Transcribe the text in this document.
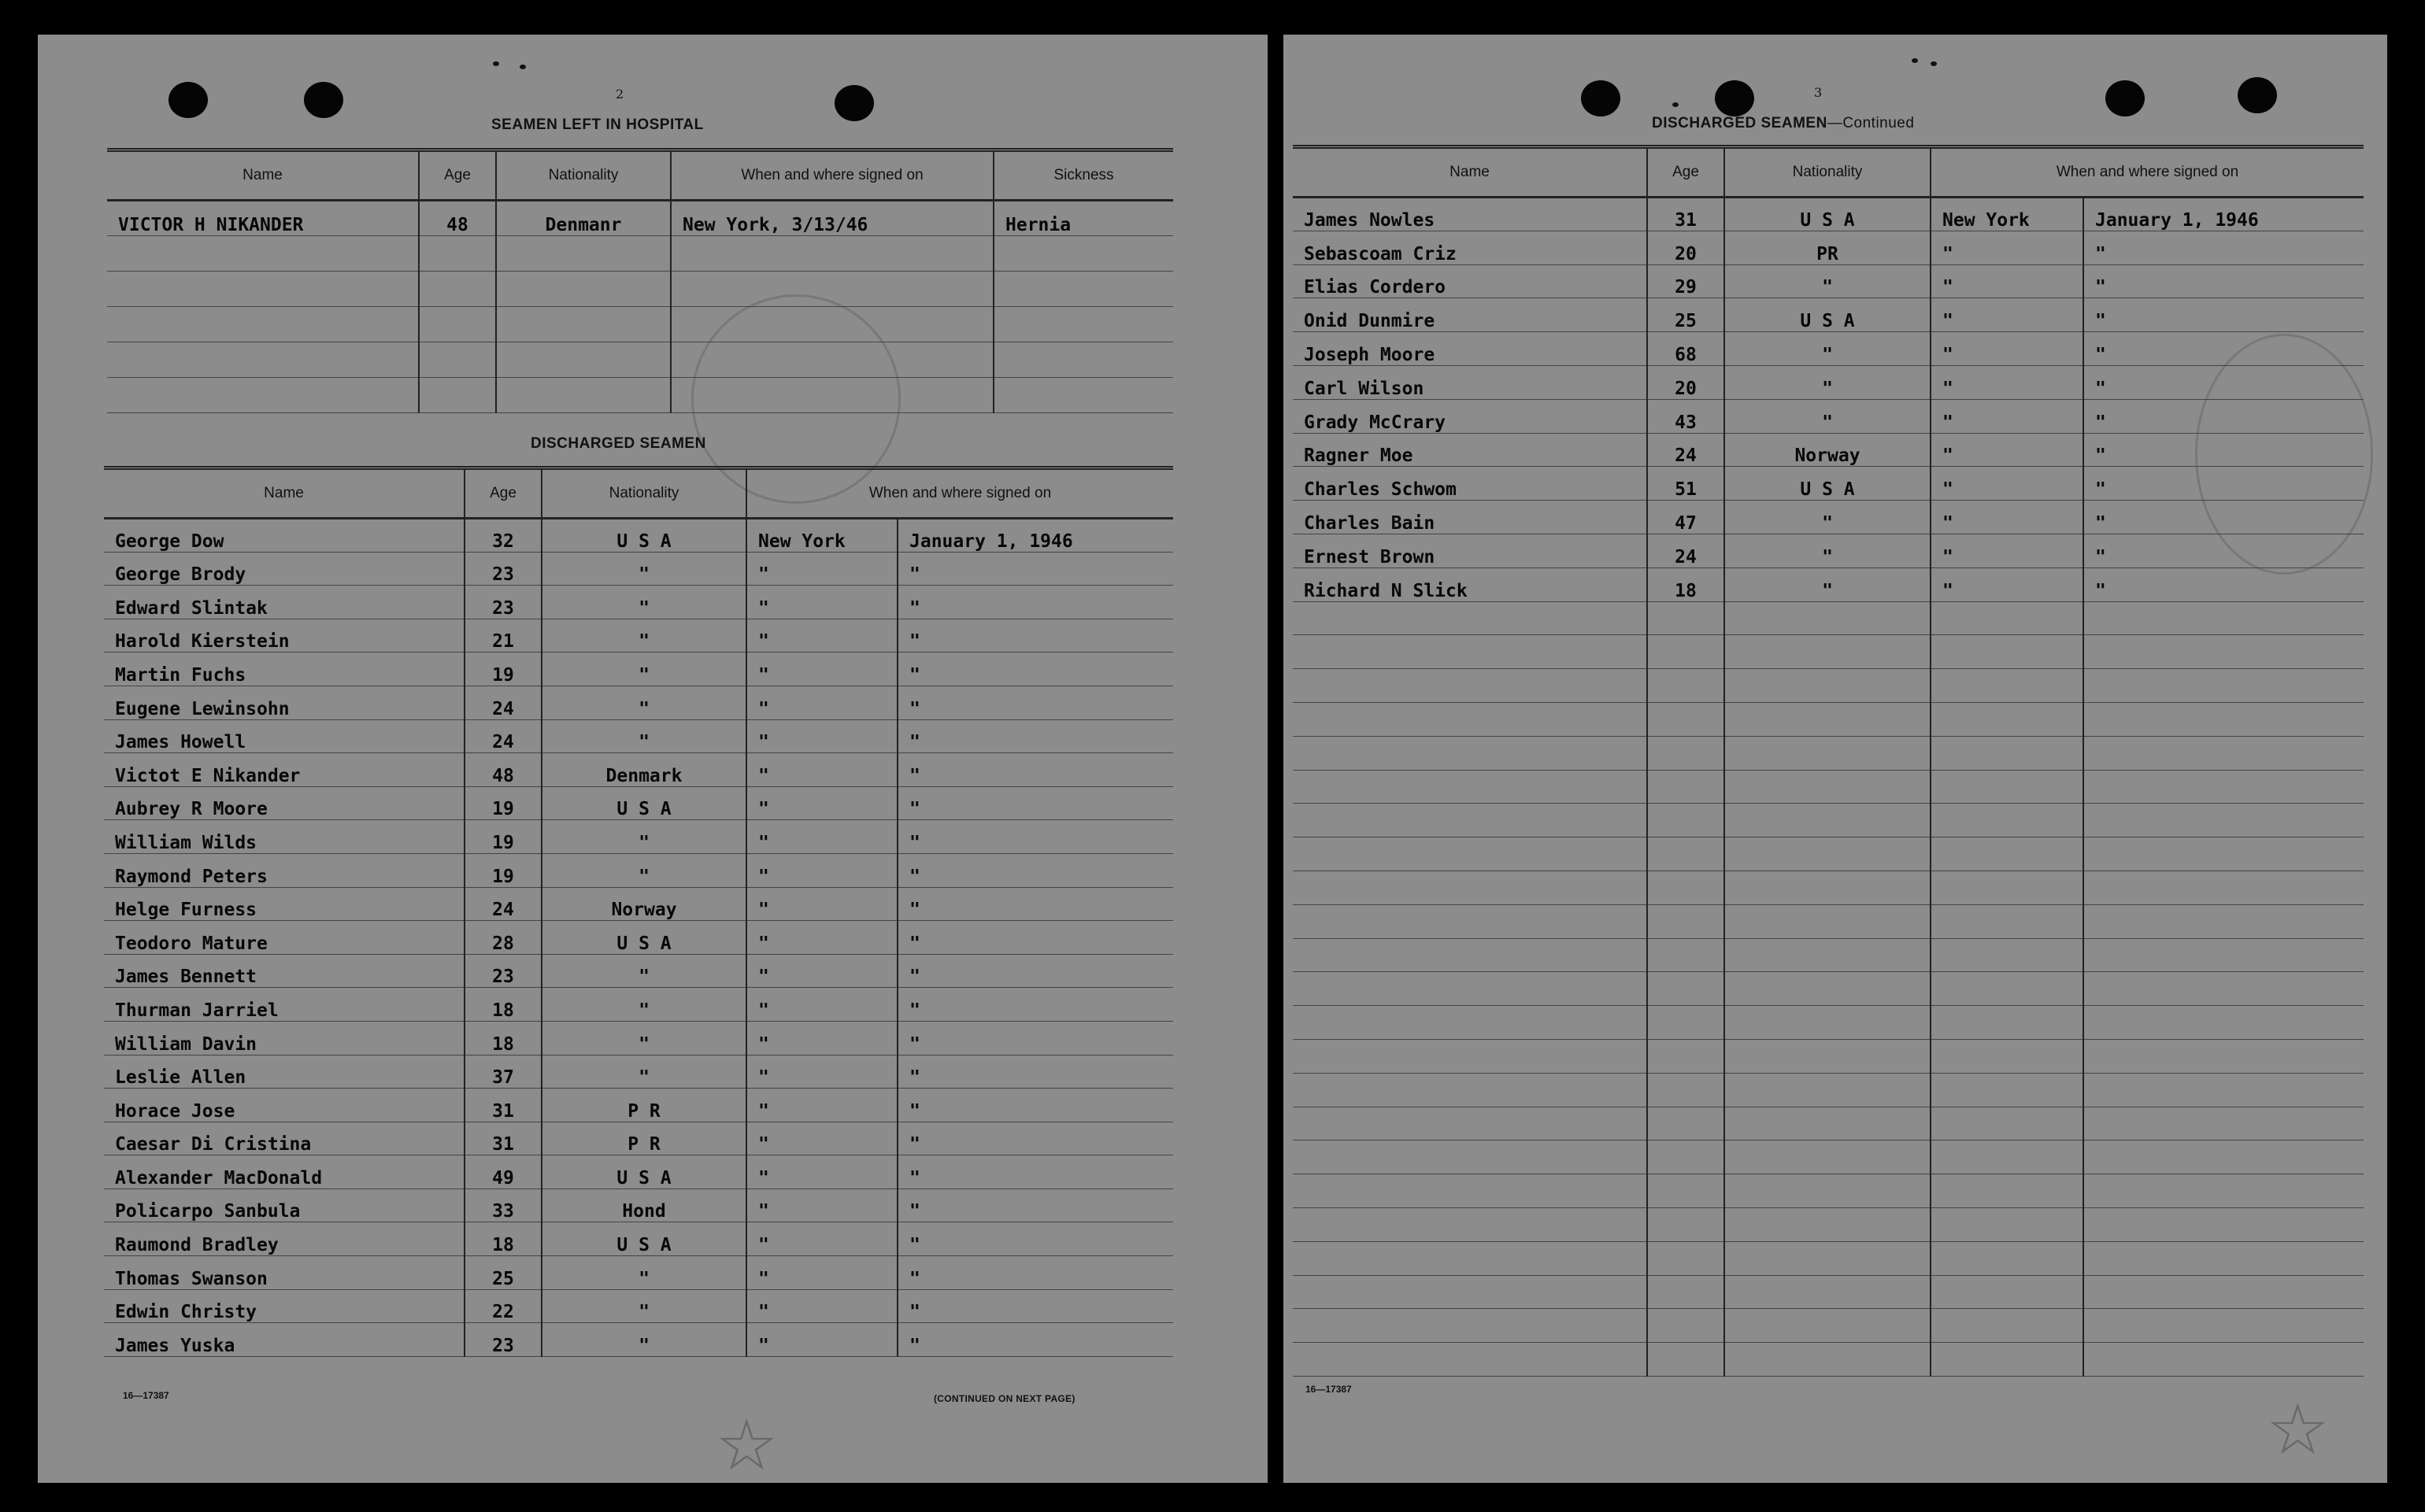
☆	☆
2
SEAMEN LEFT IN HOSPITAL
Name	Age	Nationality	When and where signed on	Sickness
VICTOR H NIKANDER	48	Denmanr	New York, 3/13/46	Hernia

DISCHARGED SEAMEN
Name	Age	Nationality	When and where signed on	
George Dow	32	U S A	New York	January 1, 1946
George Brody	23	"	"	"
Edward Slintak	23	"	"	"
Harold Kierstein	21	"	"	"
Martin Fuchs	19	"	"	"
Eugene Lewinsohn	24	"	"	"
James Howell	24	"	"	"
Victot E Nikander	48	Denmark	"	"
Aubrey R Moore	19	U S A	"	"
William Wilds	19	"	"	"
Raymond Peters	19	"	"	"
Helge Furness	24	Norway	"	"
Teodoro Mature	28	U S A	"	"
James Bennett	23	"	"	"
Thurman Jarriel	18	"	"	"
William Davin	18	"	"	"
Leslie Allen	37	"	"	"
Horace Jose	31	P R	"	"
Caesar Di Cristina	31	P R	"	"
Alexander MacDonald	49	U S A	"	"
Policarpo Sanbula	33	Hond	"	"
Raumond Bradley	18	U S A	"	"
Thomas Swanson	25	"	"	"
Edwin Christy	22	"	"	"
James Yuska	23	"	"	"
16—17387	(CONTINUED ON NEXT PAGE)
3
DISCHARGED SEAMEN—Continued
Name	Age	Nationality	When and where signed on	
James Nowles	31	U S A	New York	January 1, 1946
Sebascoam Criz	20	PR	"	"
Elias Cordero	29	"	"	"
Onid Dunmire	25	U S A	"	"
Joseph Moore	68	"	"	"
Carl Wilson	20	"	"	"
Grady McCrary	43	"	"	"
Ragner Moe	24	Norway	"	"
Charles Schwom	51	U S A	"	"
Charles Bain	47	"	"	"
Ernest Brown	24	"	"	"
Richard N Slick	18	"	"	"

16—17387
